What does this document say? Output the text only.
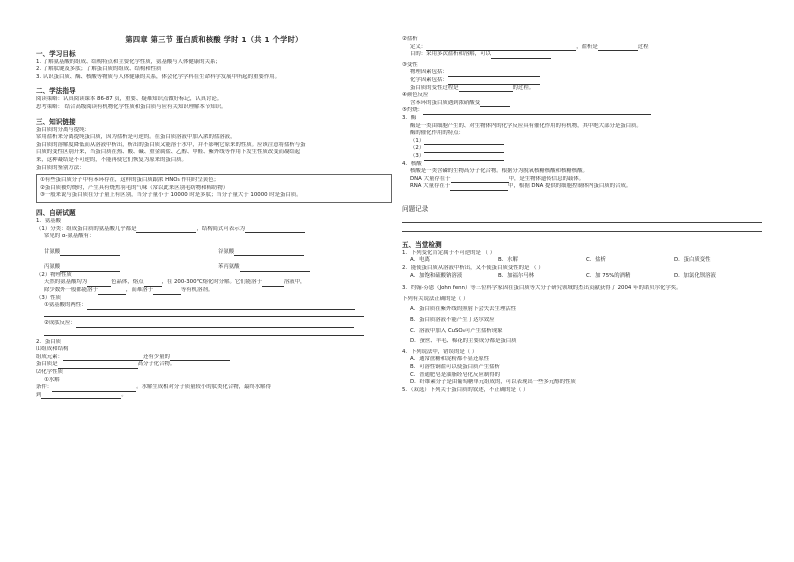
第四章 第三节 蛋白质和核酸 学时 1（共 1 个学时）
一、学习目标
1. 了解氨基酸的组成、结构特点和主要化学性质，氨基酸与人体健康的关系；
2. 了解肽键及多肽；了解蛋白质的组成、结构和性质
3. 认识蛋白质、酶、核酸等物质与人体健康的关系，体会化学学科在生命科学发展中所起的重要作用。
二、学法指导
阅读策略：认真阅读课本 86-87 页，重要、疑难知识点做好标记，认真讨论。
思考策略： 结合高级阅读有机物化学性质和蛋白质与应有关知识理解本节知识。
三、知识链接
蛋白质的分离与提纯：
常用盐析来分离提纯蛋白质，因为盐析是可逆的。在蛋白质溶液中加入浓的盐溶液，
蛋白质的溶解度降低而从溶液中析出，析出的蛋白质又能溶于水中，并不影响它原来的性质。应该注意将盐析与蛋
白质的变性区别开来，当蛋白质在热、酸、碱、重金属盐、乙醇、甲醛、紫外线等作用下发生性质改变而凝结起
来，这种凝结是不可逆的，不能再使它们恢复为原来的蛋白质。
蛋白质的鉴别方法：
①有些蛋白质分子中有苯环存在，这样的蛋白质跟浓 HNO₃ 作用时呈黄色；
②蛋白质被灼烧时，产生具有烧焦羽毛的气味（常以此来区别毛纺物和棉纺物）
③一般来说与蛋白质在分子量上有区别，当分子量小于 10000 时是多肽；当分子量大于 10000 时是蛋白质。
四、自研试题
1．氨基酸
（1）分类：组成蛋白质的氨基酸几乎都是	，结构简式可表示为
常见的 α-氨基酸有：
甘氨酸	谷氨酸
丙氨酸	苯丙氨酸
（2）物理性质
天然的氨基酸均为	色晶体，熔点	，在 200-300℃熔化时分解。它们能溶于	溶液中，
除少数外一般都能溶于	，而难溶于	等有机溶剂。
（3）性质
①氨基酸的两性：
②成肽反应：
2．蛋白质
⑴组成和结构
组成元素：	还有少量的
蛋白质是	高分子化合物。
⑵化学性质
①水解
条件：	。水解生成相对分子质量较小的肽类化合物，最终水解得
到	。
②盐析
定义：	，盐析是	过程
目的：采用多次盐析和溶解，可以
③变性
物理因素包括：
化学因素包括：
蛋白质的变性过程是	的过程。
④颜色反应
含苯环的蛋白质遇到浓硝酸变
⑤灼烧：
3．酶
酶是一类由细胞产生的、对生物体内的化学反应具有催化作用的有机物，其中绝大部分是蛋白质。
酶的催化作用的特点：
（1）
（2）
（3）
4．核酸
核酸是一类含磷的生物高分子化合物。根据分为脱氧核糖核酸和核糖核酸。
DNA 大量存在于	中，是生物体遗传信息的载体。
RNA 大量存在于	中，根据 DNA 提供的细胞控制体内蛋白质的合成。
问题记录
五、当堂检测
1．下列变化肯定属于不可逆的是 （ ）
A．电离	B．水解	C．盐析	D．蛋白质变性
2．能使蛋白质从溶液中析出，又不使蛋白质变性的是 （ ）
A．加饱和硫酸钠溶液	B．加福尔马林	C．加 75%的酒精	D．加氯化钡溶液
3．约翰·芬恩（John fenn）等三位科学家因在蛋白质等大分子研究领域的杰出贡献获得了 2004 年的诺贝尔化学奖。
下列有关说法正确的是（ ）
A．蛋白质在紫外线的照射下会失去生理活性
B．蛋白质溶液不能产生丁达尔效应
C．溶液中加入 CuSO₄可产生盐析现象
D．蚕丝、羊毛、棉花的主要成分都是蛋白质
4．下列说法中，错误的是（ ）
A．通常蔗糖和淀粉都不显还原性
B．可溶性铜盐可以使蛋白质产生盐析
C．普通肥皂是油脂经皂化反应制得的
D．纤维素分子是由葡萄糖单元组成的，可以表现出一些多元醇的性质
5．（双选）下列关于蛋白质的叙述，不正确的是（ ）
